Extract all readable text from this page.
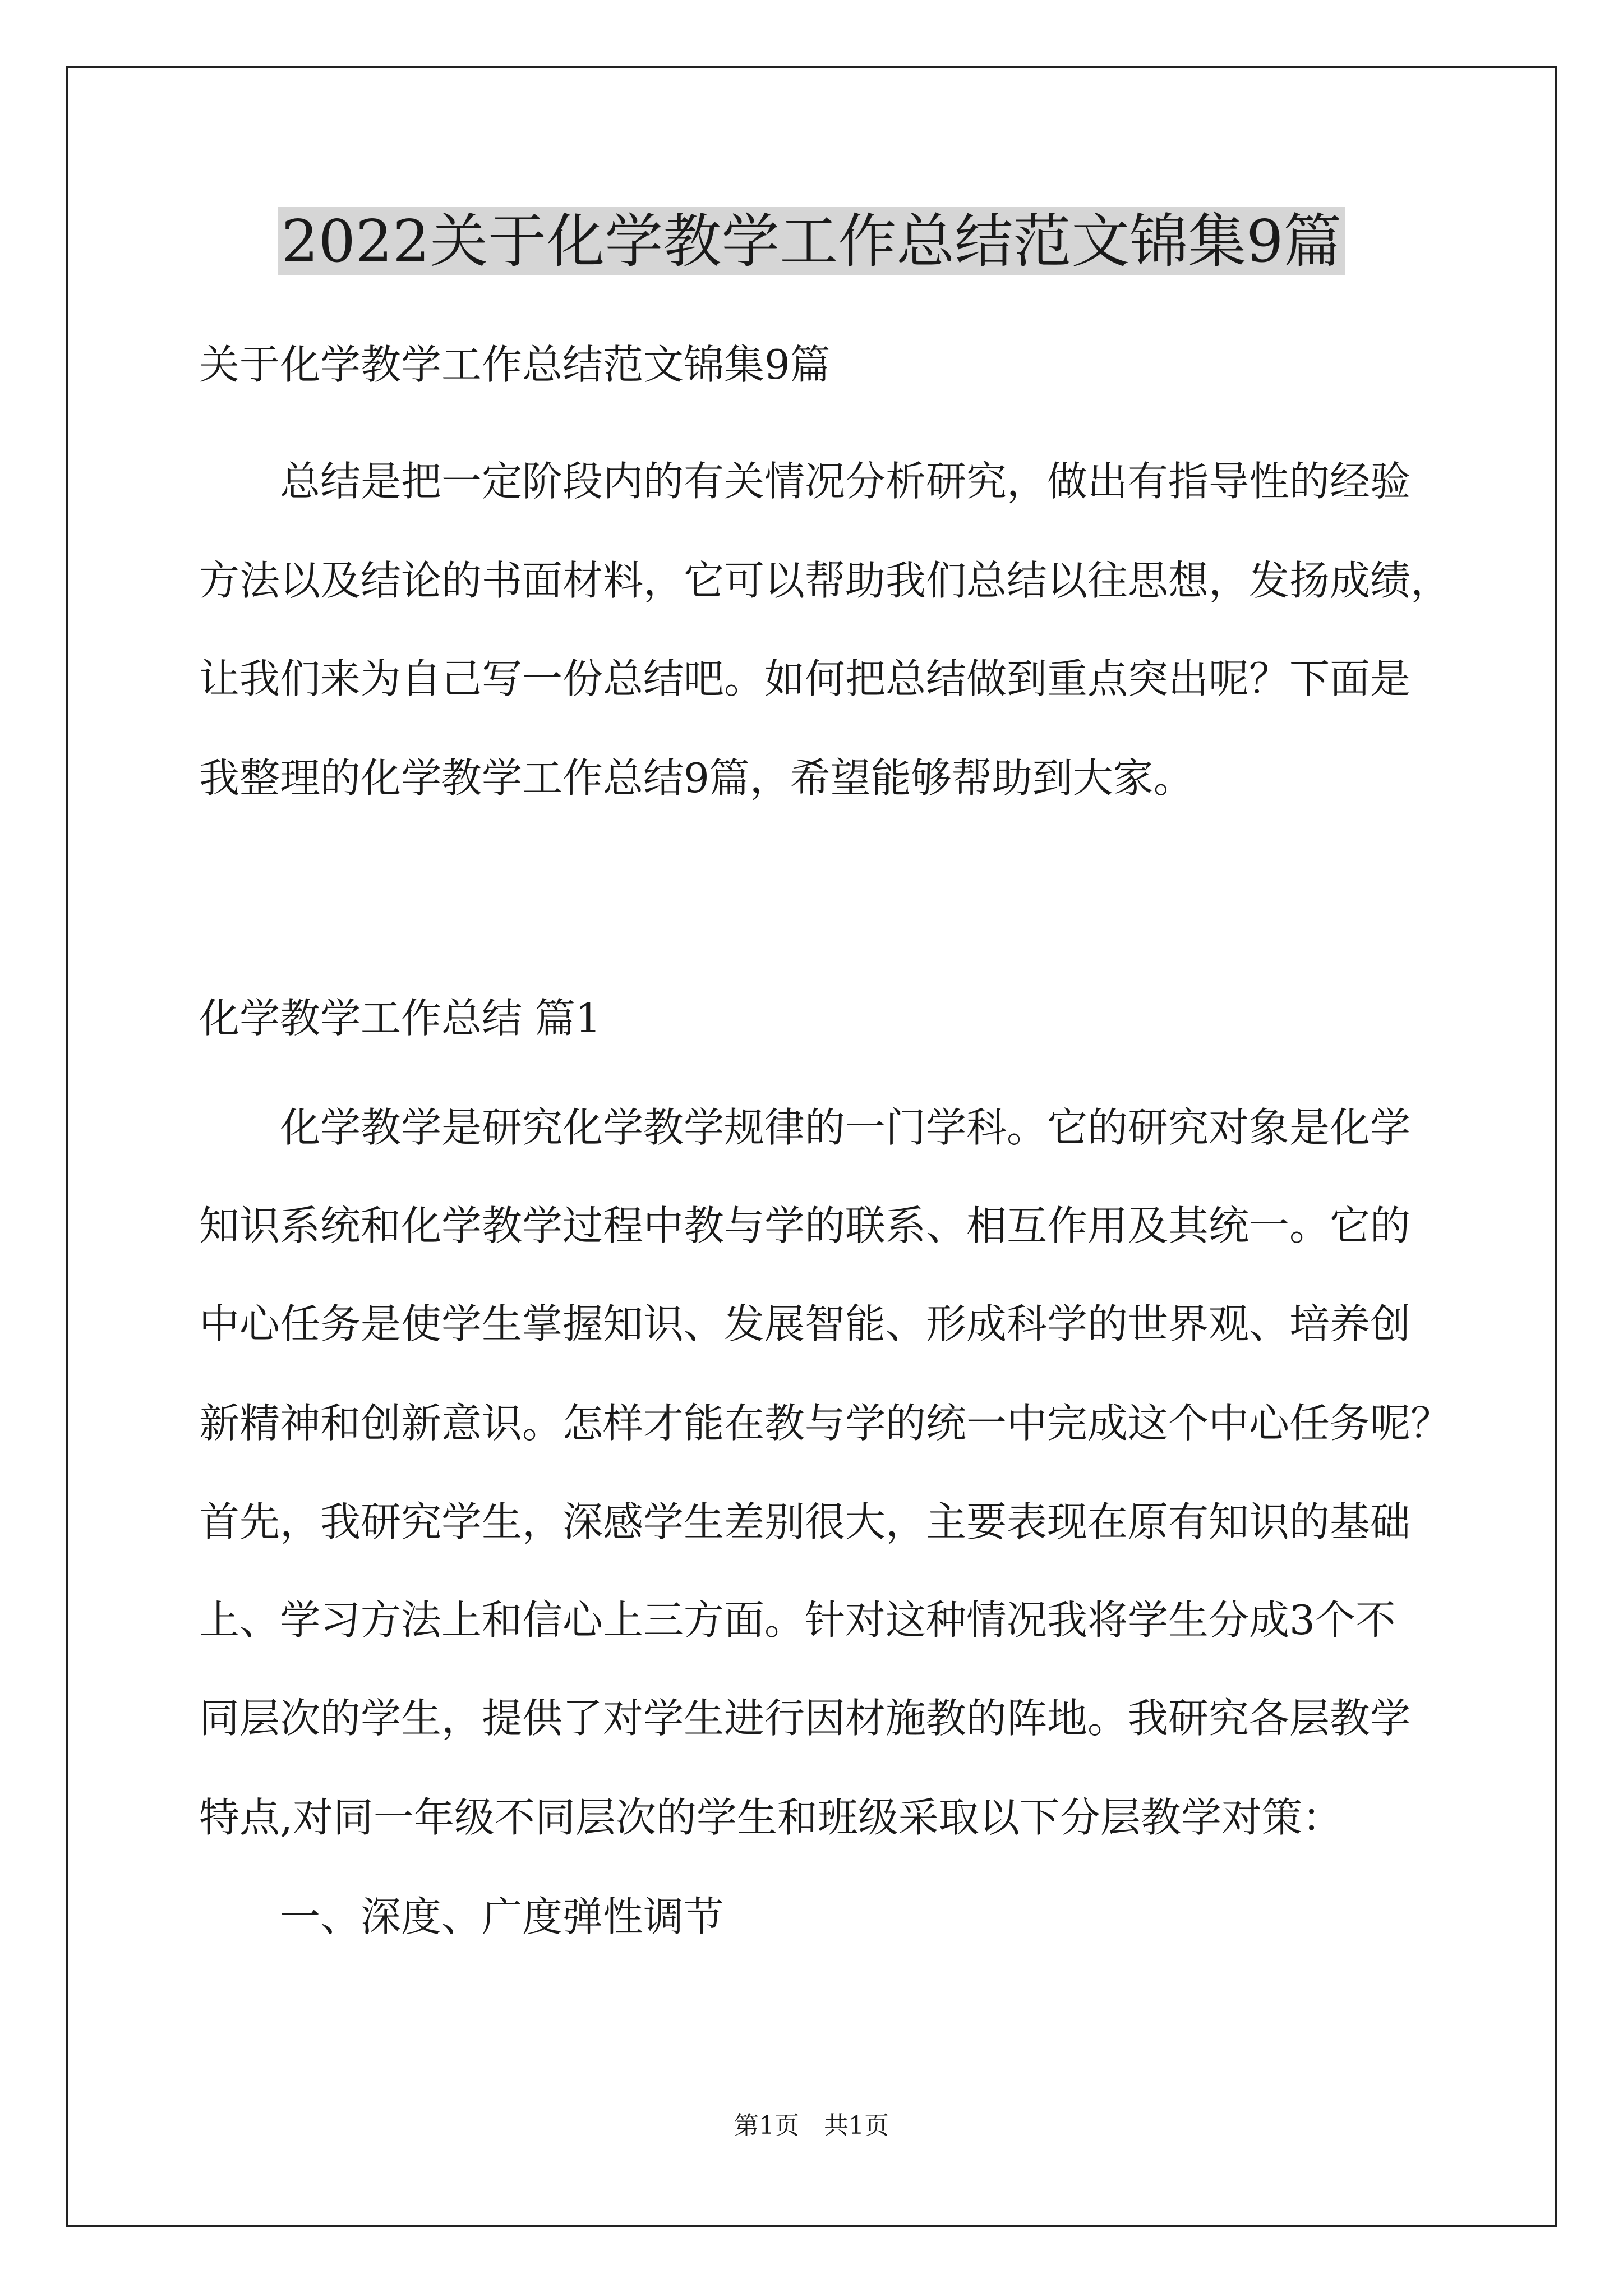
2022关于化学教学工作总结范文锦集9篇
关于化学教学工作总结范文锦集9篇
总结是把一定阶段内的有关情况分析研究，做出有指导性的经验
方法以及结论的书面材料，它可以帮助我们总结以往思想，发扬成绩，
让我们来为自己写一份总结吧。如何把总结做到重点突出呢？下面是
我整理的化学教学工作总结9篇，希望能够帮助到大家。
化学教学工作总结 篇1
化学教学是研究化学教学规律的一门学科。它的研究对象是化学
知识系统和化学教学过程中教与学的联系、相互作用及其统一。它的
中心任务是使学生掌握知识、发展智能、形成科学的世界观、培养创
新精神和创新意识。怎样才能在教与学的统一中完成这个中心任务呢？
首先，我研究学生，深感学生差别很大，主要表现在原有知识的基础
上、学习方法上和信心上三方面。针对这种情况我将学生分成3个不
同层次的学生，提供了对学生进行因材施教的阵地。我研究各层教学
特点,对同一年级不同层次的学生和班级采取以下分层教学对策：
一、深度、广度弹性调节
第1页　共1页
